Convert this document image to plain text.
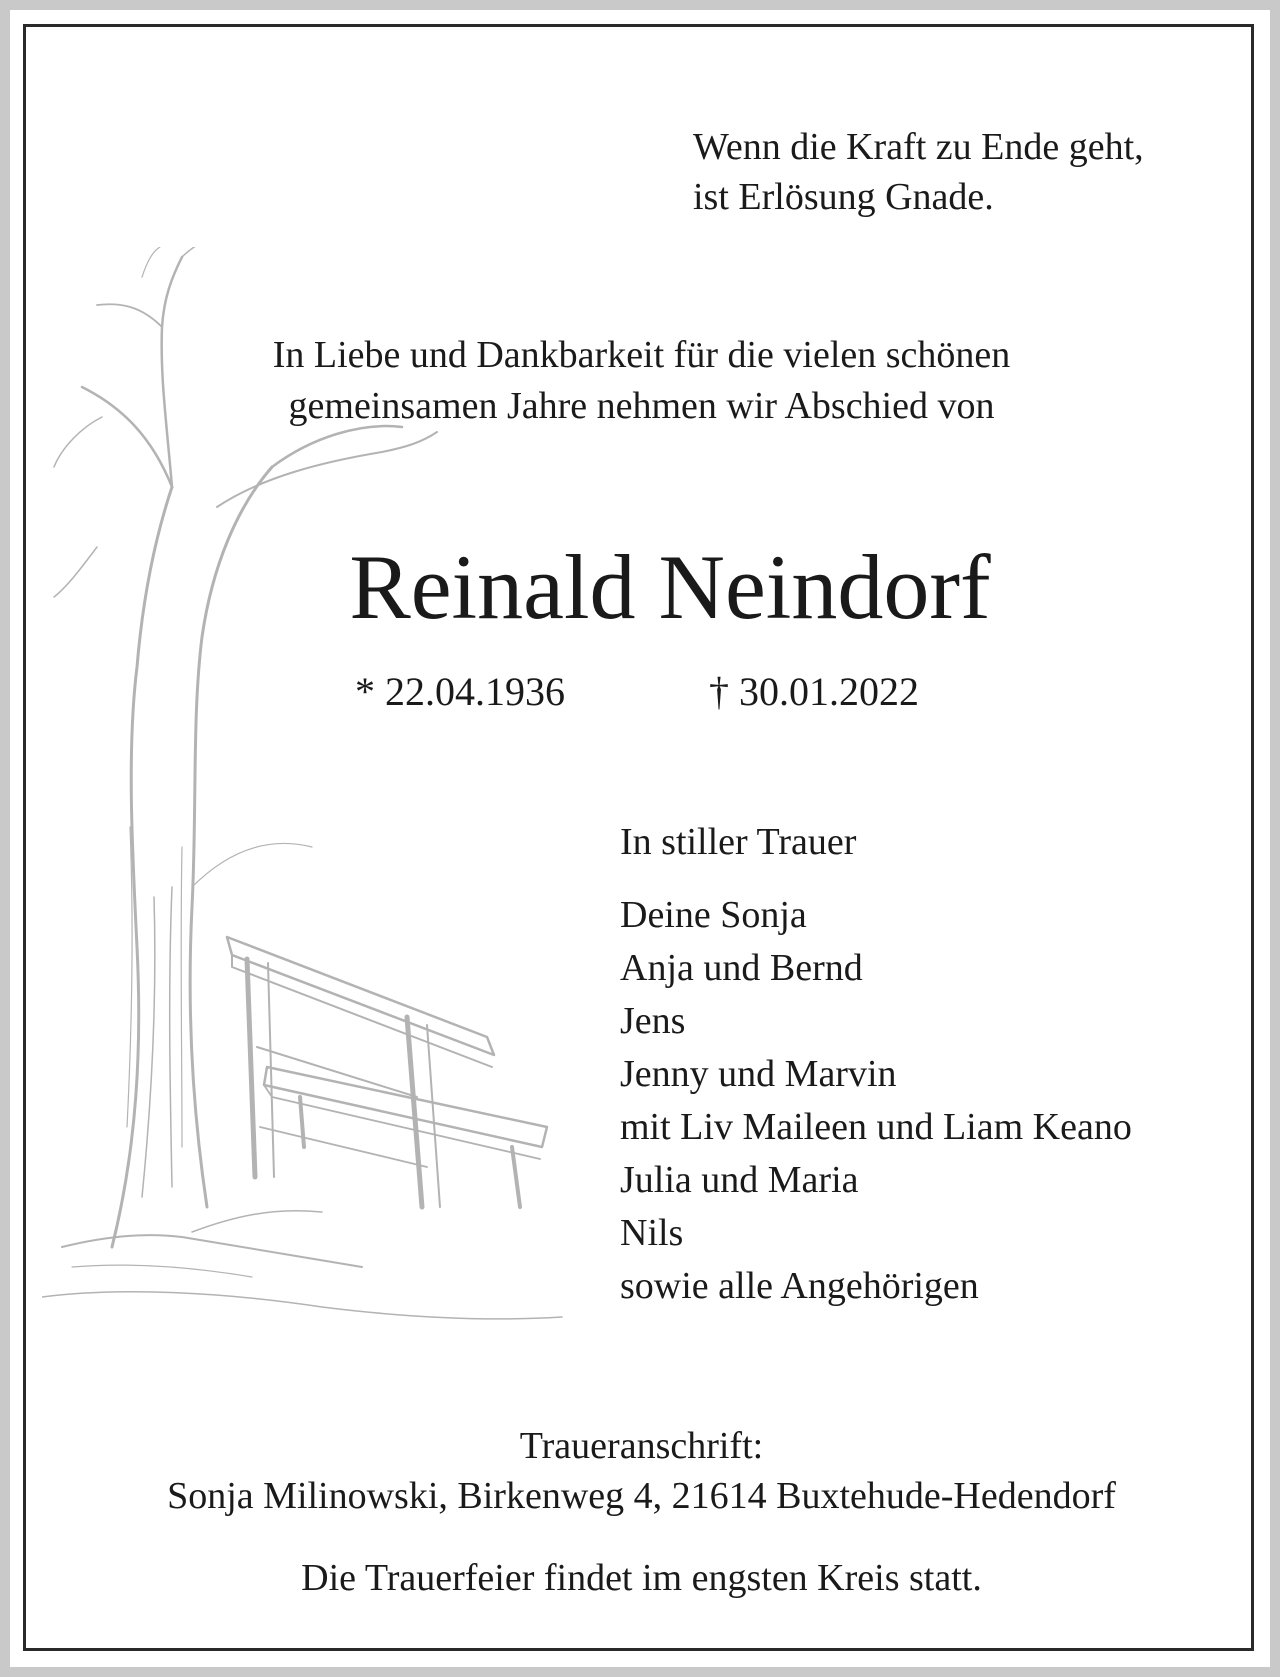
Wenn die Kraft zu Ende geht,
ist Erlösung Gnade.

In Liebe und Dankbarkeit für die vielen schönen
gemeinsamen Jahre nehmen wir Abschied von

Reinald Neindorf

* 22.04.1936	† 30.01.2022

In stiller Trauer

Deine Sonja
Anja und Bernd
Jens
Jenny und Marvin
mit Liv Maileen und Liam Keano
Julia und Maria
Nils
sowie alle Angehörigen

Traueranschrift:

Sonja Milinowski, Birkenweg 4, 21614 Buxtehude-Hedendorf

Die Trauerfeier findet im engsten Kreis statt.
